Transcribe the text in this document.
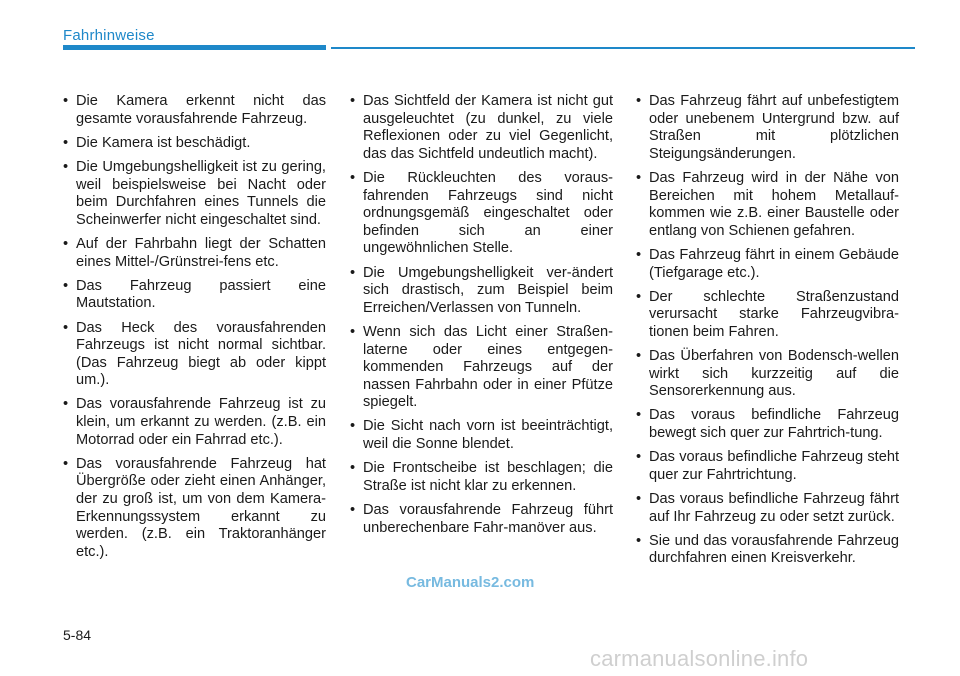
Fahrhinweise
• Die Kamera erkennt nicht das gesamte vorausfahrende Fahrzeug.
• Die Kamera ist beschädigt.
• Die Umgebungshelligkeit ist zu gering, weil beispielsweise bei Nacht oder beim Durchfahren eines Tunnels die Scheinwerfer nicht eingeschaltet sind.
• Auf der Fahrbahn liegt der Schatten eines Mittel-/Grünstrei-fens etc.
• Das Fahrzeug passiert eine Mautstation.
• Das Heck des vorausfahrenden Fahrzeugs ist nicht normal sichtbar. (Das Fahrzeug biegt ab oder kippt um.).
• Das vorausfahrende Fahrzeug ist zu klein, um erkannt zu werden. (z.B. ein Motorrad oder ein Fahrrad etc.).
• Das vorausfahrende Fahrzeug hat Übergröße oder zieht einen Anhänger, der zu groß ist, um von dem Kamera-Erkennungssystem erkannt zu werden. (z.B. ein Traktoranhänger etc.).
• Das Sichtfeld der Kamera ist nicht gut ausgeleuchtet (zu dunkel, zu viele Reflexionen oder zu viel Gegenlicht, das das Sichtfeld undeutlich macht).
• Die Rückleuchten des voraus-fahrenden Fahrzeugs sind nicht ordnungsgemäß eingeschaltet oder befinden sich an einer ungewöhnlichen Stelle.
• Die Umgebungshelligkeit ver-ändert sich drastisch, zum Beispiel beim Erreichen/Verlassen von Tunneln.
• Wenn sich das Licht einer Straßen-laterne oder eines entgegen-kommenden Fahrzeugs auf der nassen Fahrbahn oder in einer Pfütze spiegelt.
• Die Sicht nach vorn ist beeinträchtigt, weil die Sonne blendet.
• Die Frontscheibe ist beschlagen; die Straße ist nicht klar zu erkennen.
• Das vorausfahrende Fahrzeug führt unberechenbare Fahr-manöver aus.
• Das Fahrzeug fährt auf unbefestigtem oder unebenem Untergrund bzw. auf Straßen mit plötzlichen Steigungsänderungen.
• Das Fahrzeug wird in der Nähe von Bereichen mit hohem Metallauf-kommen wie z.B. einer Baustelle oder entlang von Schienen gefahren.
• Das Fahrzeug fährt in einem Gebäude (Tiefgarage etc.).
• Der schlechte Straßenzustand verursacht starke Fahrzeugvibra-tionen beim Fahren.
• Das Überfahren von Bodensch-wellen wirkt sich kurzzeitig auf die Sensorerkennung aus.
• Das voraus befindliche Fahrzeug bewegt sich quer zur Fahrtrich-tung.
• Das voraus befindliche Fahrzeug steht quer zur Fahrtrichtung.
• Das voraus befindliche Fahrzeug fährt auf Ihr Fahrzeug zu oder setzt zurück.
• Sie und das vorausfahrende Fahrzeug durchfahren einen Kreisverkehr.
5-84
CarManuals2.com
carmanualsonline.info
